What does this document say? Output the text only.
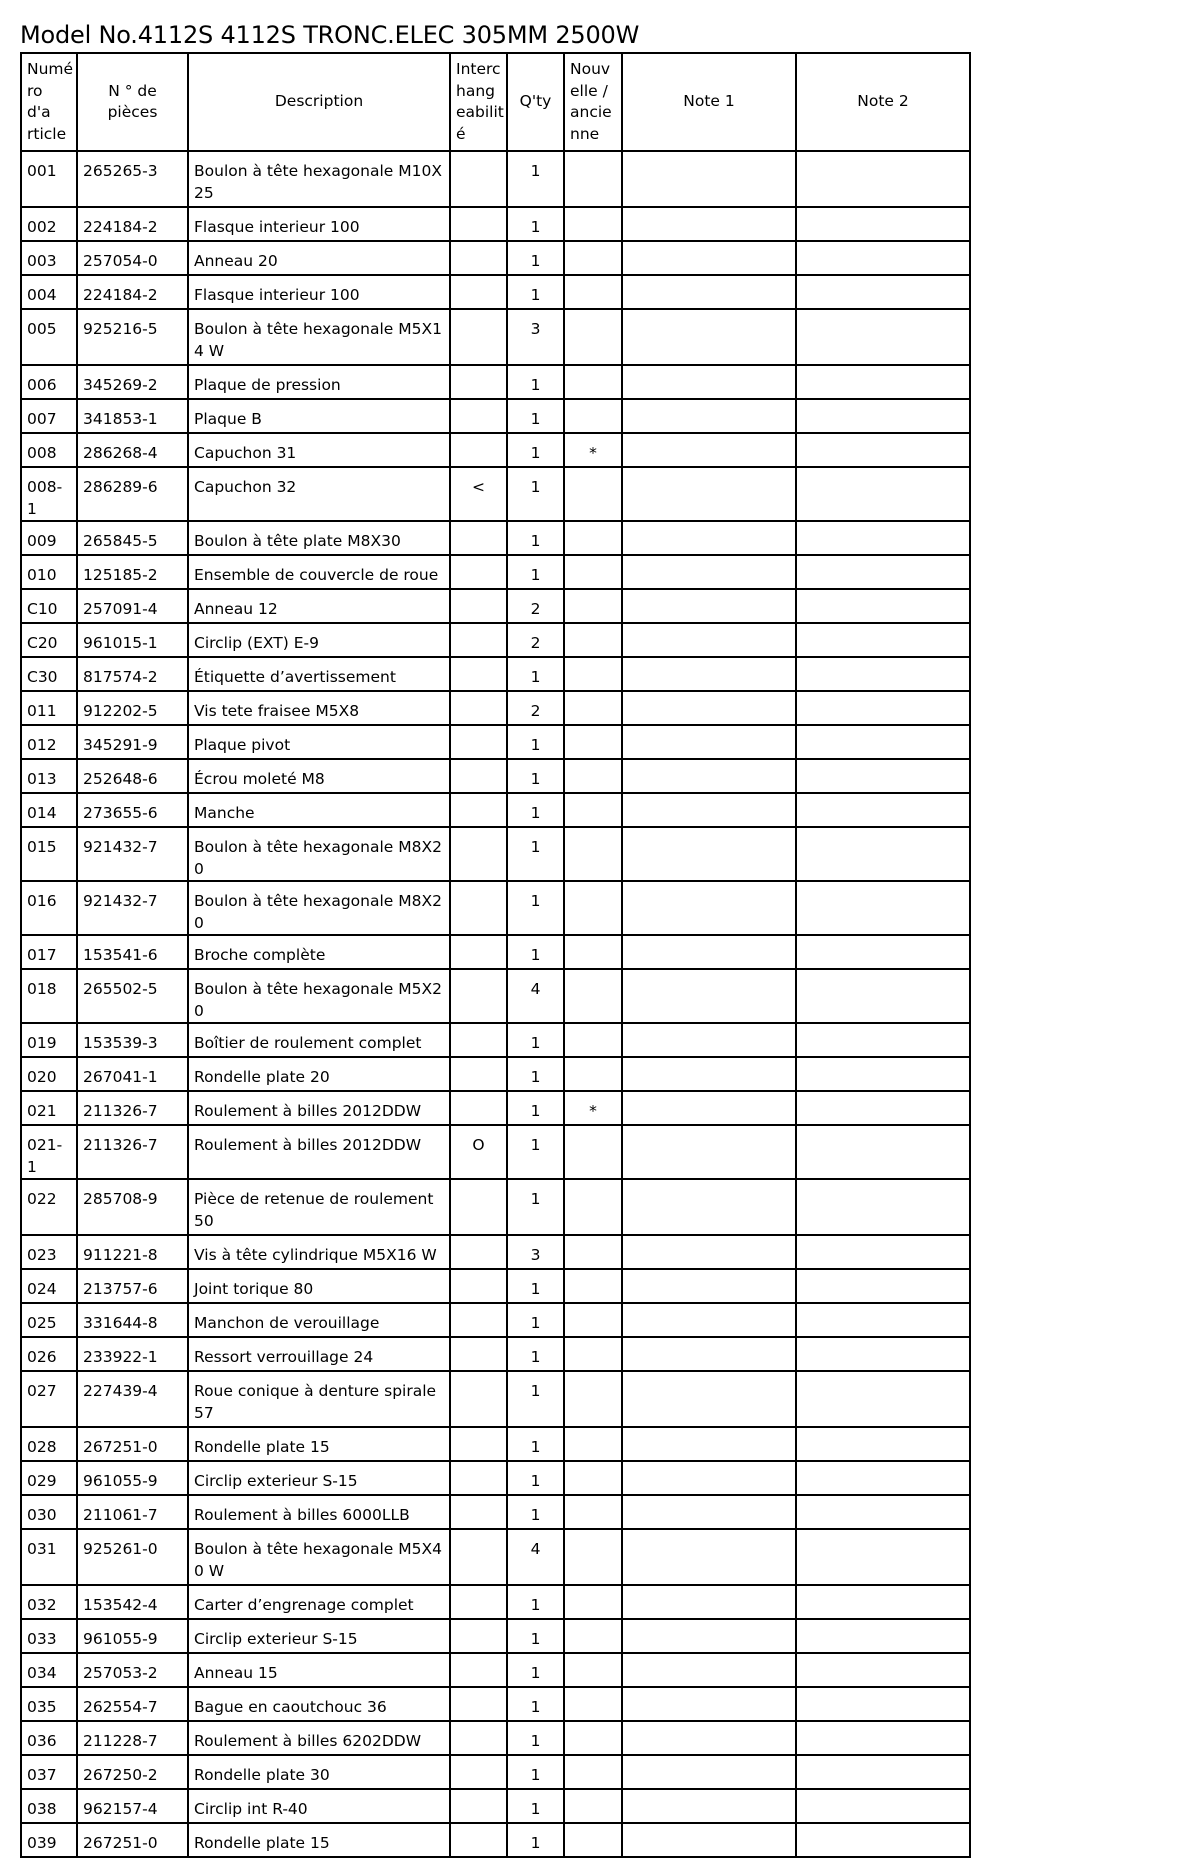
Model No.4112S 4112S TRONC.ELEC 305MM 2500W
Numé ro d'a rticle	N ° de pièces	Description	Interc hang eabilit é	Q'ty	Nouv elle / ancie nne	Note 1	Note 2
001	265265-3	Boulon à tête hexagonale M10X25		1			
002	224184-2	Flasque interieur 100		1			
003	257054-0	Anneau 20		1			
004	224184-2	Flasque interieur 100		1			
005	925216-5	Boulon à tête hexagonale M5X14 W		3			
006	345269-2	Plaque de pression		1			
007	341853-1	Plaque B		1			
008	286268-4	Capuchon 31		1	*		
008-1	286289-6	Capuchon 32	<	1			
009	265845-5	Boulon à tête plate M8X30		1			
010	125185-2	Ensemble de couvercle de roue		1			
C10	257091-4	Anneau 12		2			
C20	961015-1	Circlip (EXT) E-9		2			
C30	817574-2	Étiquette d’avertissement		1			
011	912202-5	Vis tete fraisee M5X8		2			
012	345291-9	Plaque pivot		1			
013	252648-6	Écrou moleté M8		1			
014	273655-6	Manche		1			
015	921432-7	Boulon à tête hexagonale M8X20		1			
016	921432-7	Boulon à tête hexagonale M8X20		1			
017	153541-6	Broche complète		1			
018	265502-5	Boulon à tête hexagonale M5X20		4			
019	153539-3	Boîtier de roulement complet		1			
020	267041-1	Rondelle plate 20		1			
021	211326-7	Roulement à billes 2012DDW		1	*		
021-1	211326-7	Roulement à billes 2012DDW	O	1			
022	285708-9	Pièce de retenue de roulement 50		1			
023	911221-8	Vis à tête cylindrique M5X16 W		3			
024	213757-6	Joint torique 80		1			
025	331644-8	Manchon de verouillage		1			
026	233922-1	Ressort verrouillage 24		1			
027	227439-4	Roue conique à denture spirale 57		1			
028	267251-0	Rondelle plate 15		1			
029	961055-9	Circlip exterieur S-15		1			
030	211061-7	Roulement à billes 6000LLB		1			
031	925261-0	Boulon à tête hexagonale M5X40 W		4			
032	153542-4	Carter d’engrenage complet		1			
033	961055-9	Circlip exterieur S-15		1			
034	257053-2	Anneau 15		1			
035	262554-7	Bague en caoutchouc 36		1			
036	211228-7	Roulement à billes 6202DDW		1			
037	267250-2	Rondelle plate 30		1			
038	962157-4	Circlip int R-40		1			
039	267251-0	Rondelle plate 15		1			
